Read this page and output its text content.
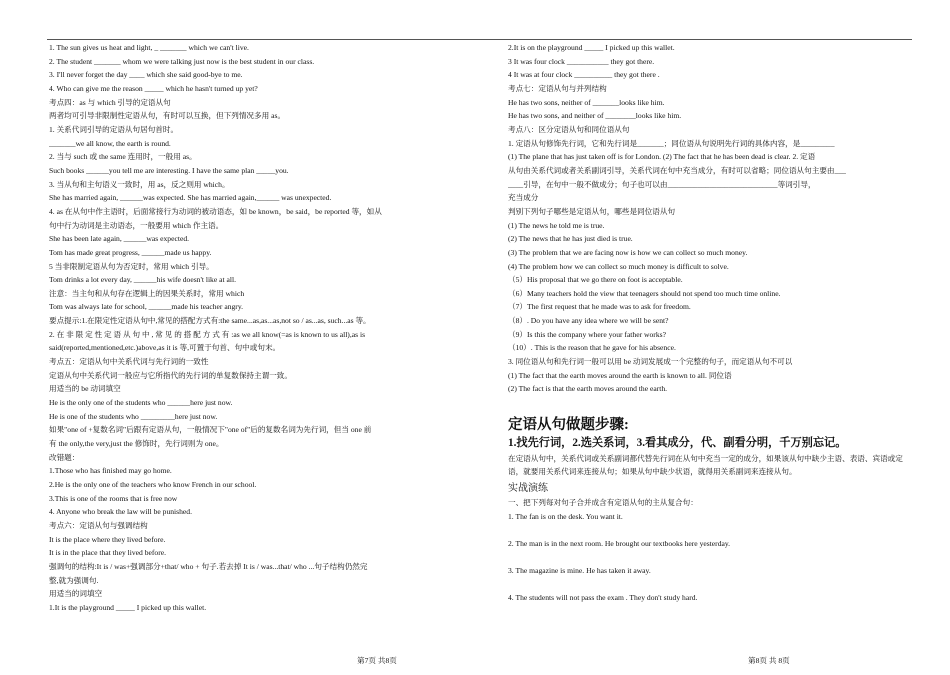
1. The sun gives us heat and light, _ _______ which we can't live.
2. The student _______ whom we were talking just now is the best student in our class.
3. I'll never forget the day ____ which she said good-bye to me.
4. Who can give me the reason _____ which he hasn't turned up yet?
考点四：as 与 which 引导的定语从句
两者均可引导非限制性定语从句，有时可以互换，但下列情况多用 as。
1. 关系代词引导的定语从句居句首时。
_______we all know, the earth is round.
2. 当与 such 或 the same 连用时，一般用 as。
Such books ______you tell me are interesting. I have the same plan _____you.
3. 当从句和主句语义一致时，用 as，反之则用 which。
She has married again, ______was expected. She has married again,______ was unexpected.
4. as 在从句中作主语时，后面常接行为动词的被动语态，如 be known，be said，be reported 等，如从
句中行为动词是主动语态，一般要用 which 作主语。
She has been late again, ______was expected.
Tom has made great progress, ______made us happy.
5 当非限制定语从句为否定时，常用 which 引导。
Tom drinks a lot every day, ______his wife doesn't like at all.
注意：当主句和从句存在逻辑上的因果关系时，常用 which
Tom was always late for school, ______made his teacher angry.
要点提示:1.在限定性定语从句中,常见的搭配方式有:the same...as,as...as,not so / as...as, such...as 等。
2. 在 非 限 定 性 定 语 从 句 中 , 常 见 的 搭 配 方 式 有 :as we all know(=as is known to us all),as is
said(reported,mentioned,etc.)above,as it is 等,可置于句首、句中或句末。
考点五：定语从句中关系代词与先行词的一致性
定语从句中关系代词一般应与它所指代的先行词的单复数保持主谓一致。
用适当的 be 动词填空
He is the only one of the students who ______here just now.
He is one of the students who _________here just now.
如果"one of +复数名词"后跟有定语从句，一般情况下"one of"后的复数名词为先行词，但当 one 前
有 the only,the very,just the 修饰时，先行词则为 one。
改错题：
1.Those who has finished may go home.
2.He is the only one of the teachers who know French in our school.
3.This is one of the rooms that is free now
4. Anyone who break the law will be punished.
考点六：定语从句与强调结构
It is the place where they lived before.
It is in the place that they lived before.
强调句的结构:It is / was+强调部分+that/ who + 句子.若去掉 It is / was...that/ who ...句子结构仍然完
整,就为强调句.
用适当的词填空
1.It is the playground _____ I picked up this wallet.
2.It is on the playground _____ I picked up this wallet.
3 It was four clock ___________ they got there.
4 It was at four clock __________ they got there .
考点七：定语从句与并列结构
He has two sons, neither of _______looks like him.
He has two sons, and neither of ________looks like him.
考点八：区分定语从句和同位语从句
1. 定语从句修饰先行词，它和先行词是_______；同位语从句说明先行词的具体内容，是_________
(1) The plane that has just taken off is for London. (2) The fact that he has been dead is clear. 2. 定语
从句由关系代词或者关系副词引导，关系代词在句中充当成分，有时可以省略；同位语从句主要由___
____引导，在句中一般不做成分；句子也可以由_____________________________等词引导，
充当成分
判别下列句子哪些是定语从句，哪些是同位语从句
(1) The news he told me is true.
(2) The news that he has just died is true.
(3) The problem that we are facing now is how we can collect so much money.
(4) The problem how we can collect so much money is difficult to solve.
（5）His proposal that we go there on foot is acceptable.
（6）Many teachers hold the view that teenagers should not spend too much time online.
（7）The first request that he made was to ask for freedom.
（8）. Do you have any idea where we will be sent?
（9）Is this the company where your father works?
（10）. This is the reason that he gave for his absence.
3. 同位语从句和先行词一般可以用 be 动词发展成一个完整的句子，而定语从句不可以
(1) The fact that the earth moves around the earth is known to all. 同位语
(2) The fact is that the earth moves around the earth.
定语从句做题步骤:
1.找先行词，2.选关系词，3.看其成分，代、副看分明，千万别忘记。
在定语从句中，关系代词或关系副词都代替先行词在从句中充当一定的成分，如果该从句中缺少主语、表语、宾语或定语，就要用关系代词来连接从句；如果从句中缺少状语，就得用关系副词来连接从句。
实战演练
一、把下列每对句子合并成含有定语从句的主从复合句：
1. The fan is on the desk. You want it.
2. The man is in the next room. He brought our textbooks here yesterday.
3. The magazine is mine. He has taken it away.
4. The students will not pass the exam . They don't study hard.
第7页 共8页	第8页 共 8页
